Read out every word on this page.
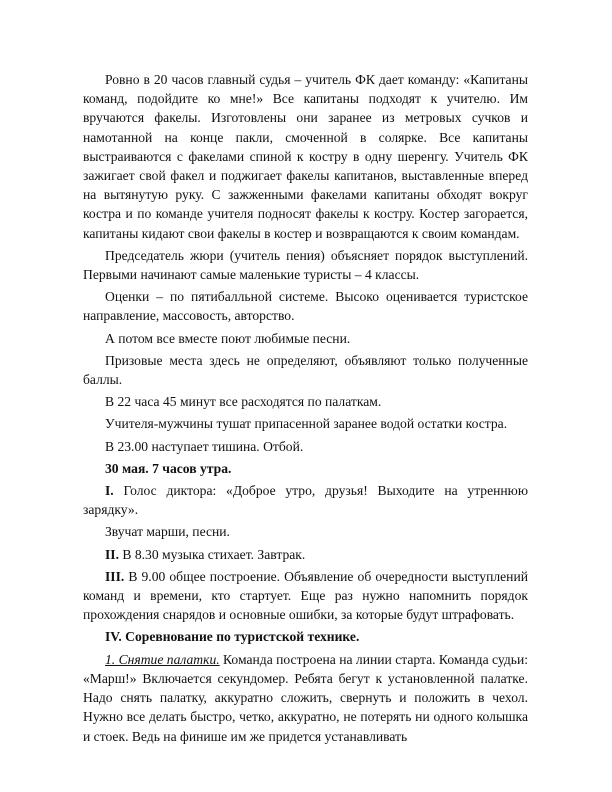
Ровно в 20 часов главный судья – учитель ФК дает команду: «Капитаны команд, подойдите ко мне!» Все капитаны подходят к учителю. Им вручаются факелы. Изготовлены они заранее из метровых сучков и намотанной на конце пакли, смоченной в солярке. Все капитаны выстраиваются с факелами спиной к костру в одну шеренгу. Учитель ФК зажигает свой факел и поджигает факелы капитанов, выставленные вперед на вытянутую руку. С зажженными факелами капитаны обходят вокруг костра и по команде учителя подносят факелы к костру. Костер загорается, капитаны кидают свои факелы в костер и возвращаются к своим командам.

Председатель жюри (учитель пения) объясняет порядок выступлений. Первыми начинают самые маленькие туристы – 4 классы.

Оценки – по пятибалльной системе. Высоко оценивается туристское направление, массовость, авторство.

А потом все вместе поют любимые песни.

Призовые места здесь не определяют, объявляют только полученные баллы.

В 22 часа 45 минут все расходятся по палаткам.

Учителя-мужчины тушат припасенной заранее водой остатки костра.

В 23.00 наступает тишина. Отбой.

30 мая. 7 часов утра.

I. Голос диктора: «Доброе утро, друзья! Выходите на утреннюю зарядку».

Звучат марши, песни.

II. В 8.30 музыка стихает. Завтрак.

III. В 9.00 общее построение. Объявление об очередности выступлений команд и времени, кто стартует. Еще раз нужно напомнить порядок прохождения снарядов и основные ошибки, за которые будут штрафовать.

IV. Соревнование по туристской технике.

1. Снятие палатки. Команда построена на линии старта. Команда судьи: «Марш!» Включается секундомер. Ребята бегут к установленной палатке. Надо снять палатку, аккуратно сложить, свернуть и положить в чехол. Нужно все делать быстро, четко, аккуратно, не потерять ни одного колышка и стоек. Ведь на финише им же придется устанавливать
